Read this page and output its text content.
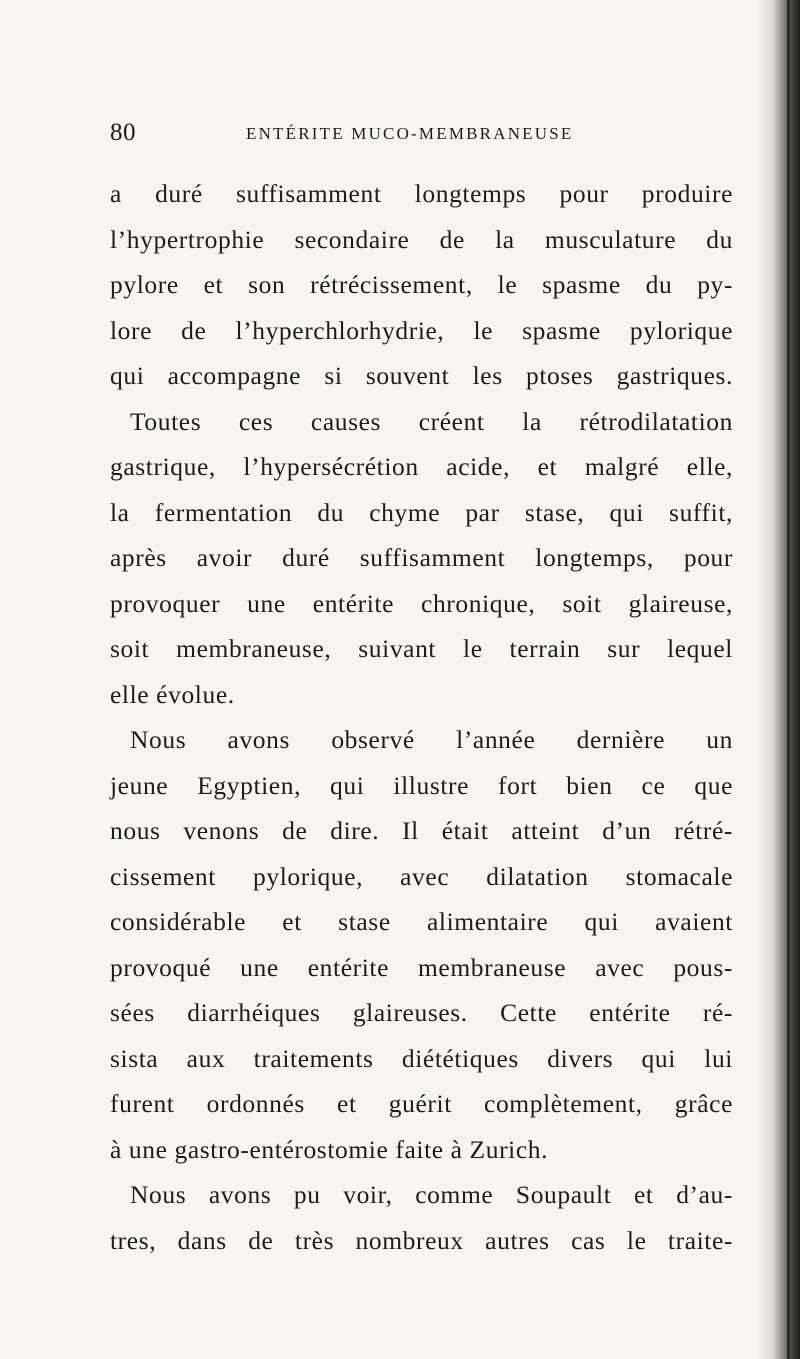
80	ENTÉRITE MUCO-MEMBRANEUSE
a duré suffisamment longtemps pour produire
l’hypertrophie secondaire de la musculature du
pylore et son rétrécissement, le spasme du py-
lore de l’hyperchlorhydrie, le spasme pylorique
qui accompagne si souvent les ptoses gastriques.
Toutes ces causes créent la rétrodilatation
gastrique, l’hypersécrétion acide, et malgré elle,
la fermentation du chyme par stase, qui suffit,
après avoir duré suffisamment longtemps, pour
provoquer une entérite chronique, soit glaireuse,
soit membraneuse, suivant le terrain sur lequel
elle évolue.
Nous avons observé l’année dernière un
jeune Egyptien, qui illustre fort bien ce que
nous venons de dire. Il était atteint d’un rétré-
cissement pylorique, avec dilatation stomacale
considérable et stase alimentaire qui avaient
provoqué une entérite membraneuse avec pous-
sées diarrhéiques glaireuses. Cette entérite ré-
sista aux traitements diététiques divers qui lui
furent ordonnés et guérit complètement, grâce
à une gastro-entérostomie faite à Zurich.
Nous avons pu voir, comme Soupault et d’au-
tres, dans de très nombreux autres cas le traite-
